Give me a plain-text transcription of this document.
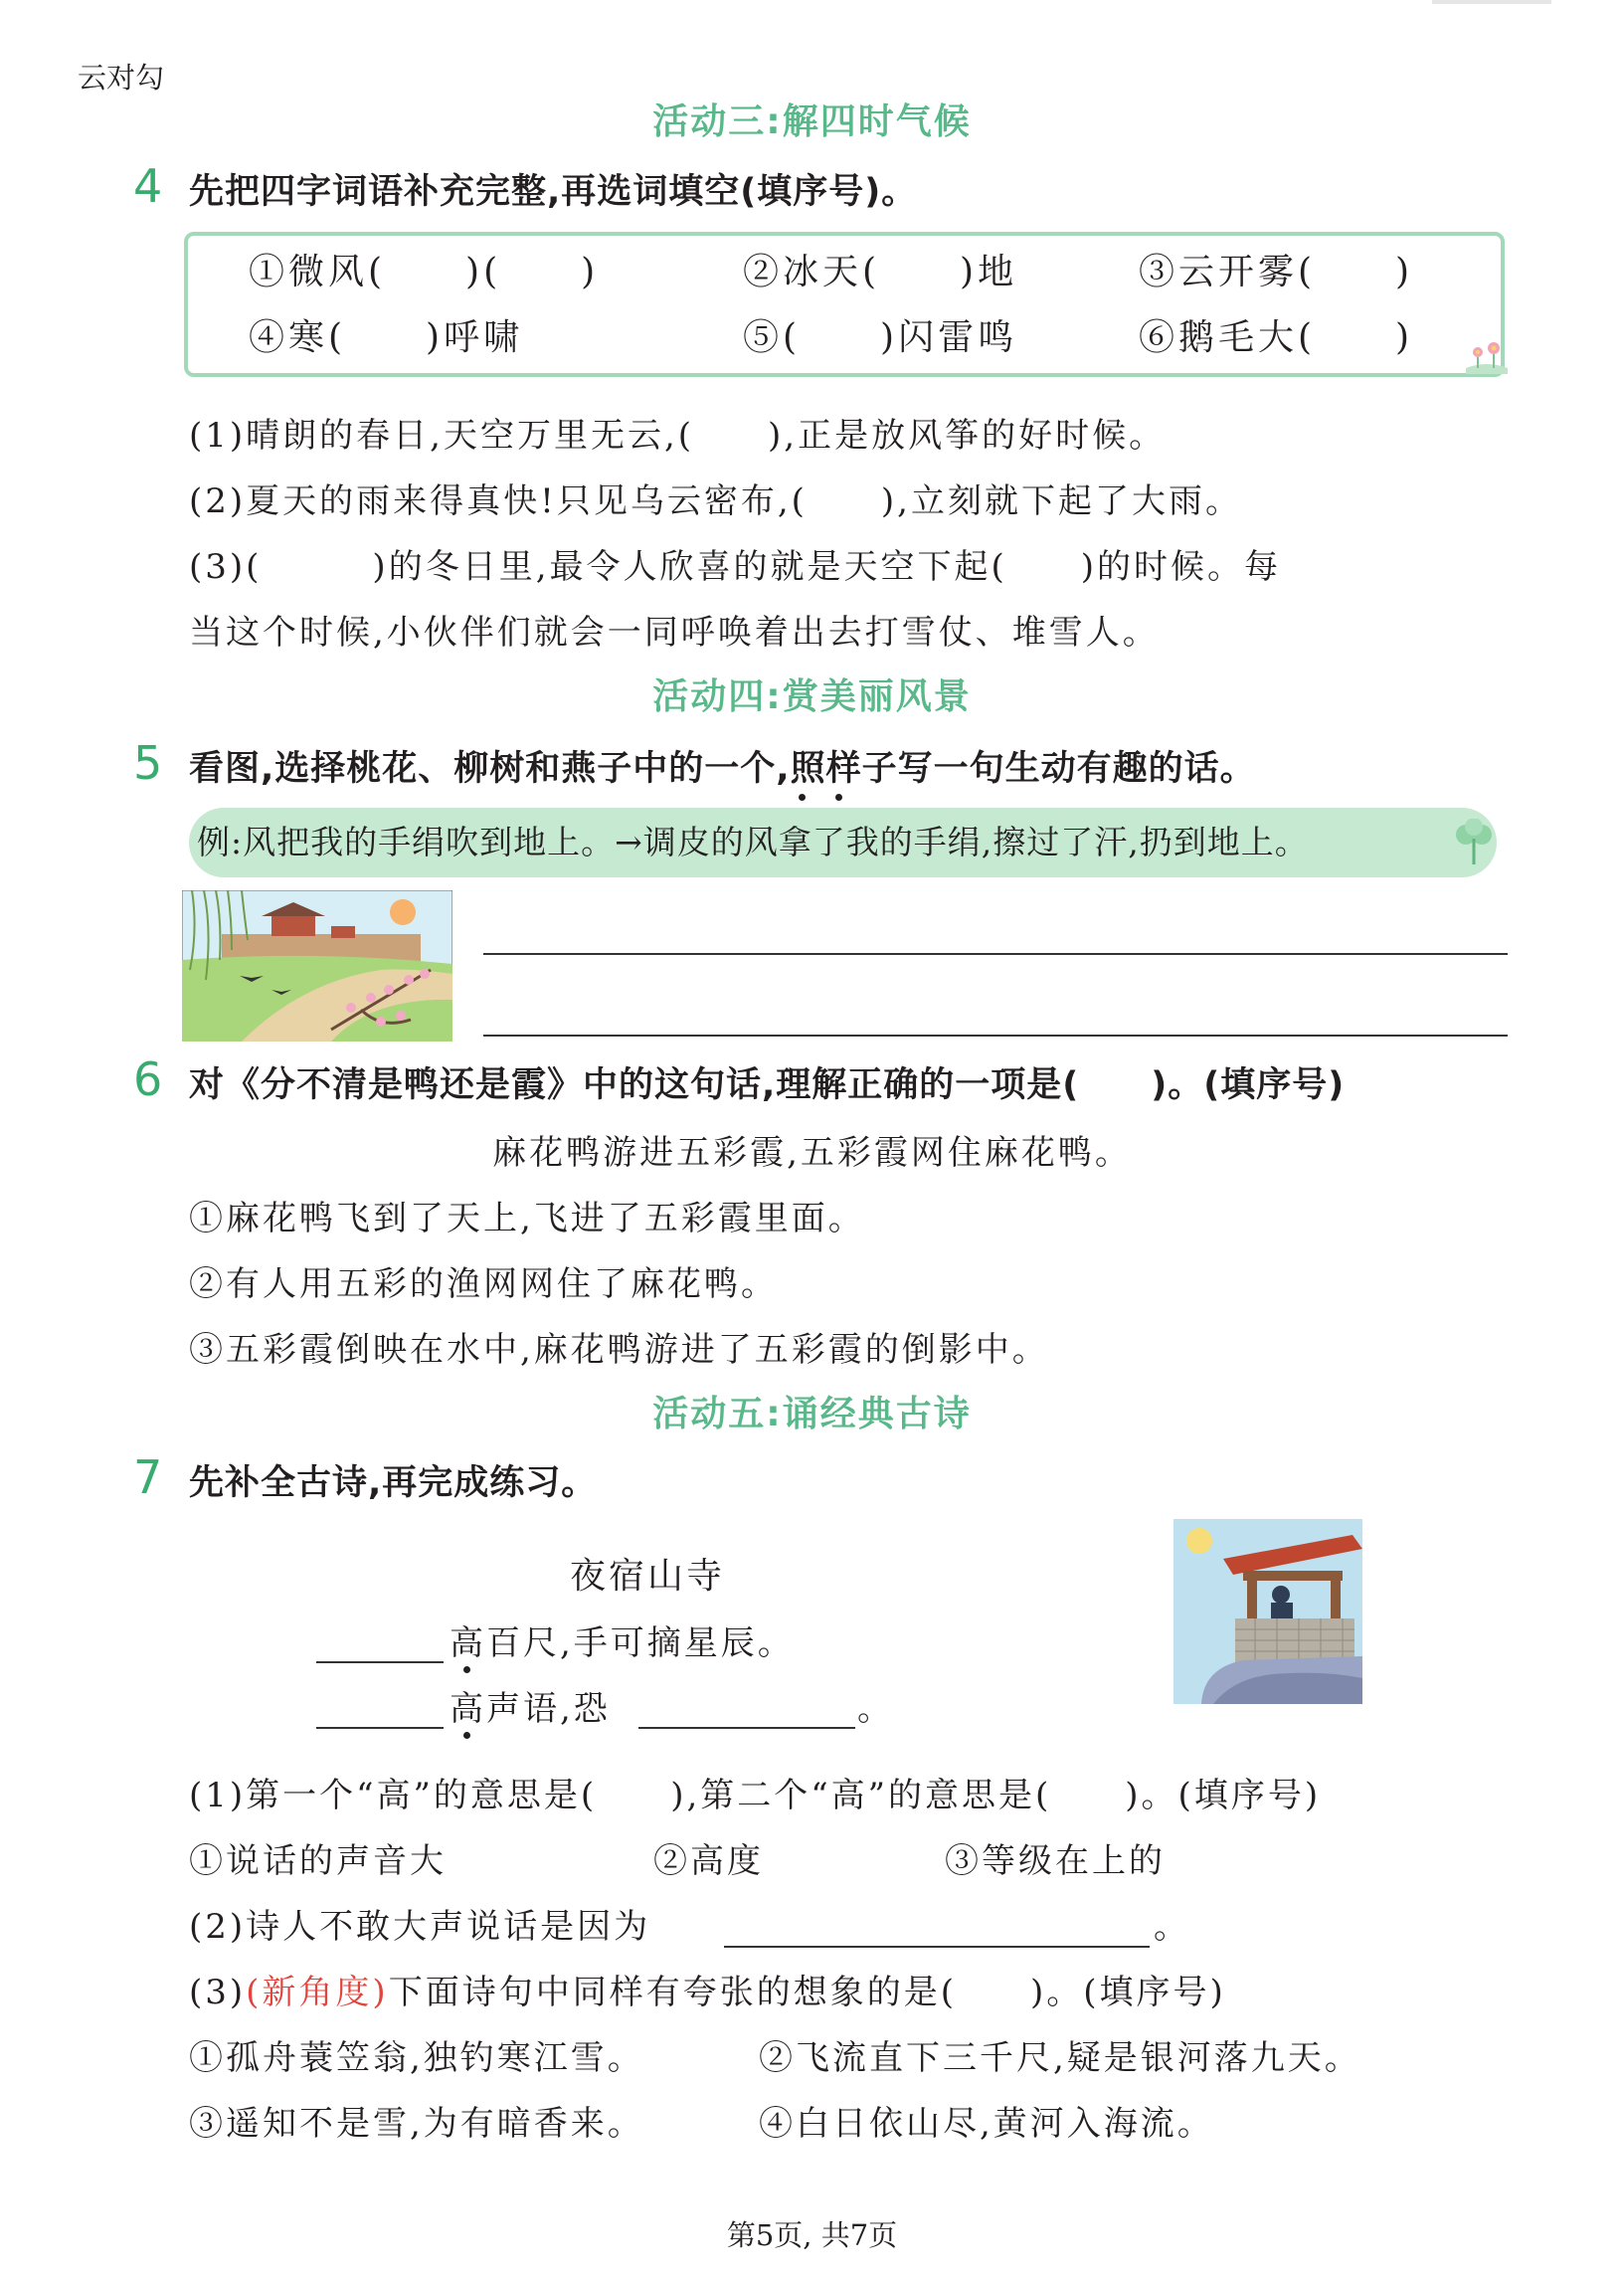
云对勾
活动三:解四时气候
4 先把四字词语补充完整,再选词填空(填序号)。
①微风(　　)(　　)	②冰天(　　)地	③云开雾(　　)
④寒(　　)呼啸	⑤(　　)闪雷鸣	⑥鹅毛大(　　)
(1)晴朗的春日,天空万里无云,(　　),正是放风筝的好时候。
(2)夏天的雨来得真快!只见乌云密布,(　　),立刻就下起了大雨。
(3)(　　　)的冬日里,最令人欣喜的就是天空下起(　　)的时候。每
当这个时候,小伙伴们就会一同呼唤着出去打雪仗、堆雪人。
活动四:赏美丽风景
5 看图,选择桃花、柳树和燕子中的一个,照样子写一句生动有趣的话。
例:风把我的手绢吹到地上。→调皮的风拿了我的手绢,擦过了汗,扔到地上。
6 对《分不清是鸭还是霞》中的这句话,理解正确的一项是(　　)。(填序号)
麻花鸭游进五彩霞,五彩霞网住麻花鸭。
①麻花鸭飞到了天上,飞进了五彩霞里面。
②有人用五彩的渔网网住了麻花鸭。
③五彩霞倒映在水中,麻花鸭游进了五彩霞的倒影中。
活动五:诵经典古诗
7 先补全古诗,再完成练习。
夜宿山寺
高百尺,手可摘星辰。
高声语,恐	。
(1)第一个“高”的意思是(　　),第二个“高”的意思是(　　)。(填序号)
①说话的声音大	②高度	③等级在上的
(2)诗人不敢大声说话是因为	。
(3)(新角度)下面诗句中同样有夸张的想象的是(　　)。(填序号)
①孤舟蓑笠翁,独钓寒江雪。	②飞流直下三千尺,疑是银河落九天。
③遥知不是雪,为有暗香来。	④白日依山尽,黄河入海流。
第5页, 共7页
